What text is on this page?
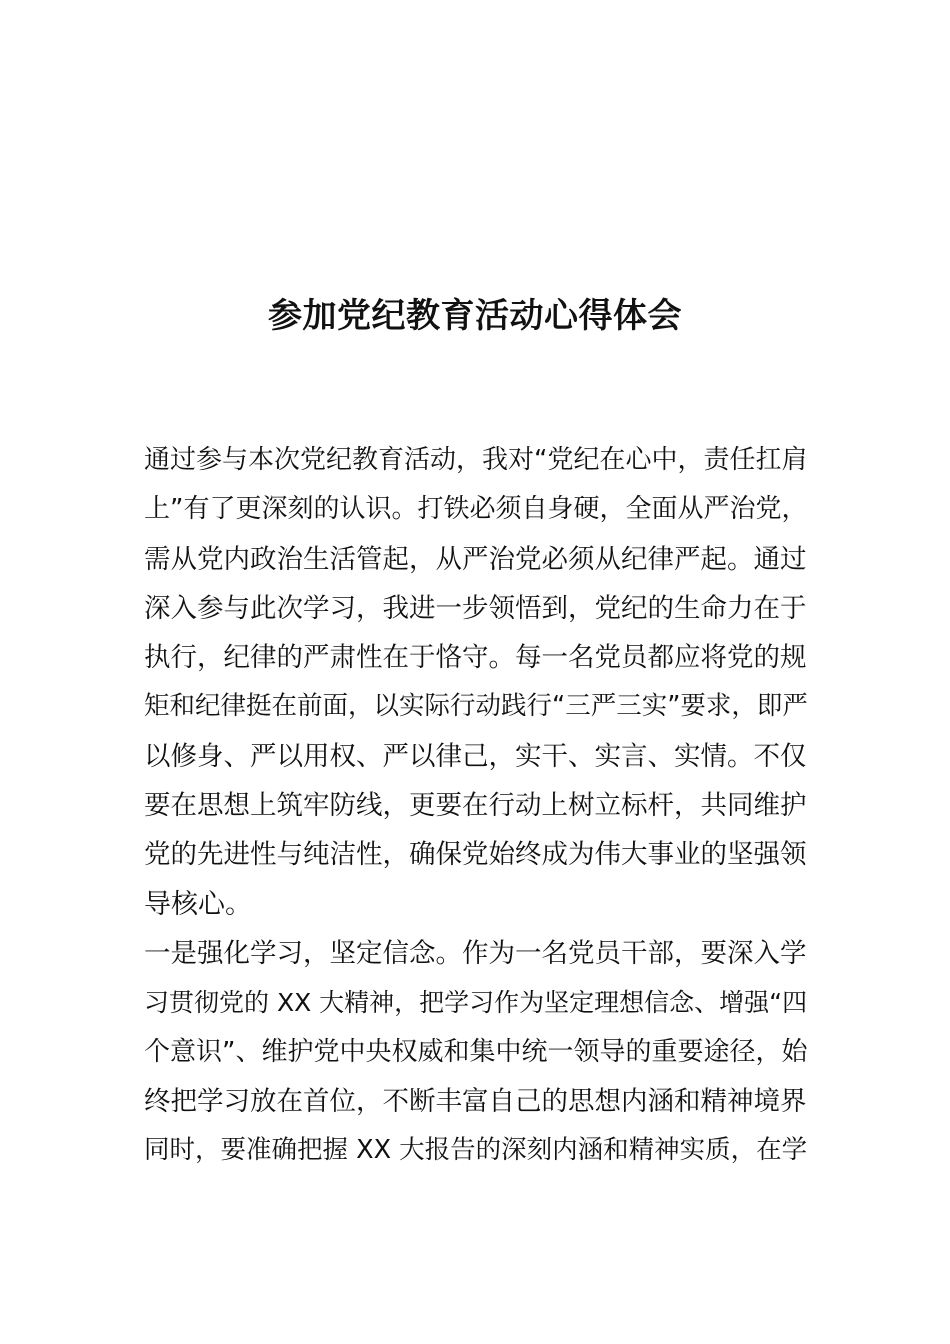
参加党纪教育活动心得体会
通过参与本次党纪教育活动，我对“党纪在心中，责任扛肩
上”有了更深刻的认识。打铁必须自身硬，全面从严治党，
需从党内政治生活管起，从严治党必须从纪律严起。通过
深入参与此次学习，我进一步领悟到，党纪的生命力在于
执行，纪律的严肃性在于恪守。每一名党员都应将党的规
矩和纪律挺在前面，以实际行动践行“三严三实”要求，即严
以修身、严以用权、严以律己，实干、实言、实情。不仅
要在思想上筑牢防线，更要在行动上树立标杆，共同维护
党的先进性与纯洁性，确保党始终成为伟大事业的坚强领
导核心。
一是强化学习，坚定信念。作为一名党员干部，要深入学
习贯彻党的 XX 大精神，把学习作为坚定理想信念、增强“四
个意识”、维护党中央权威和集中统一领导的重要途径，始
终把学习放在首位，不断丰富自己的思想内涵和精神境界
同时，要准确把握 XX 大报告的深刻内涵和精神实质，在学
